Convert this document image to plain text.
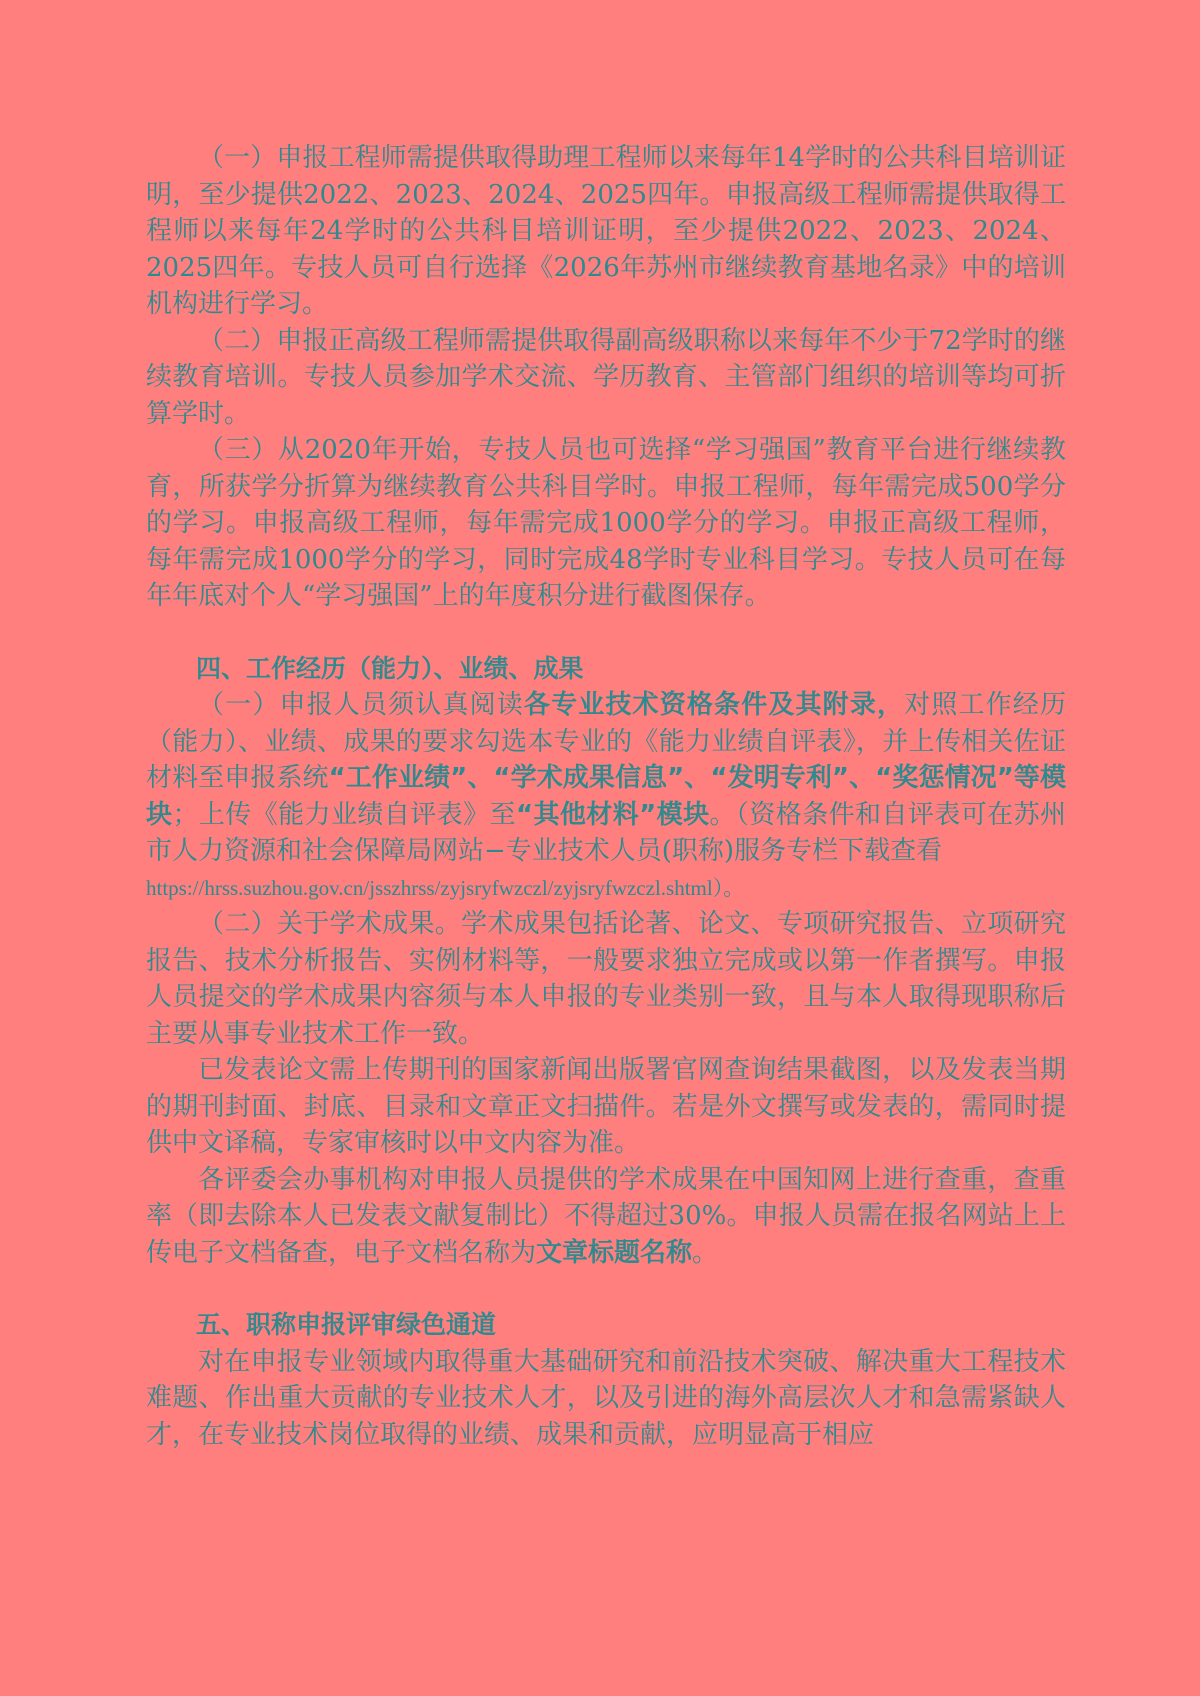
（一）申报工程师需提供取得助理工程师以来每年14学时的公共科目培训证明，至少提供2022、2023、2024、2025四年。申报高级工程师需提供取得工程师以来每年24学时的公共科目培训证明，至少提供2022、2023、2024、2025四年。专技人员可自行选择《2026年苏州市继续教育基地名录》中的培训机构进行学习。

（二）申报正高级工程师需提供取得副高级职称以来每年不少于72学时的继续教育培训。专技人员参加学术交流、学历教育、主管部门组织的培训等均可折算学时。

（三）从2020年开始，专技人员也可选择“学习强国”教育平台进行继续教育，所获学分折算为继续教育公共科目学时。申报工程师，每年需完成500学分的学习。申报高级工程师，每年需完成1000学分的学习。申报正高级工程师，每年需完成1000学分的学习，同时完成48学时专业科目学习。专技人员可在每年年底对个人“学习强国”上的年度积分进行截图保存。

四、工作经历（能力）、业绩、成果

（一）申报人员须认真阅读各专业技术资格条件及其附录，对照工作经历（能力）、业绩、成果的要求勾选本专业的《能力业绩自评表》，并上传相关佐证材料至申报系统“工作业绩”、“学术成果信息”、“发明专利”、“奖惩情况”等模块；上传《能力业绩自评表》至“其他材料”模块。（资格条件和自评表可在苏州市人力资源和社会保障局网站−专业技术人员(职称)服务专栏下载查看

https://hrss.suzhou.gov.cn/jsszhrss/zyjsryfwzczl/zyjsryfwzczl.shtml）。

（二）关于学术成果。学术成果包括论著、论文、专项研究报告、立项研究报告、技术分析报告、实例材料等，一般要求独立完成或以第一作者撰写。申报人员提交的学术成果内容须与本人申报的专业类别一致，且与本人取得现职称后主要从事专业技术工作一致。

已发表论文需上传期刊的国家新闻出版署官网查询结果截图，以及发表当期的期刊封面、封底、目录和文章正文扫描件。若是外文撰写或发表的，需同时提供中文译稿，专家审核时以中文内容为准。

各评委会办事机构对申报人员提供的学术成果在中国知网上进行查重，查重率（即去除本人已发表文献复制比）不得超过30%。申报人员需在报名网站上上传电子文档备查，电子文档名称为文章标题名称。

五、职称申报评审绿色通道

对在申报专业领域内取得重大基础研究和前沿技术突破、解决重大工程技术难题、作出重大贡献的专业技术人才，以及引进的海外高层次人才和急需紧缺人才，在专业技术岗位取得的业绩、成果和贡献，应明显高于相应
